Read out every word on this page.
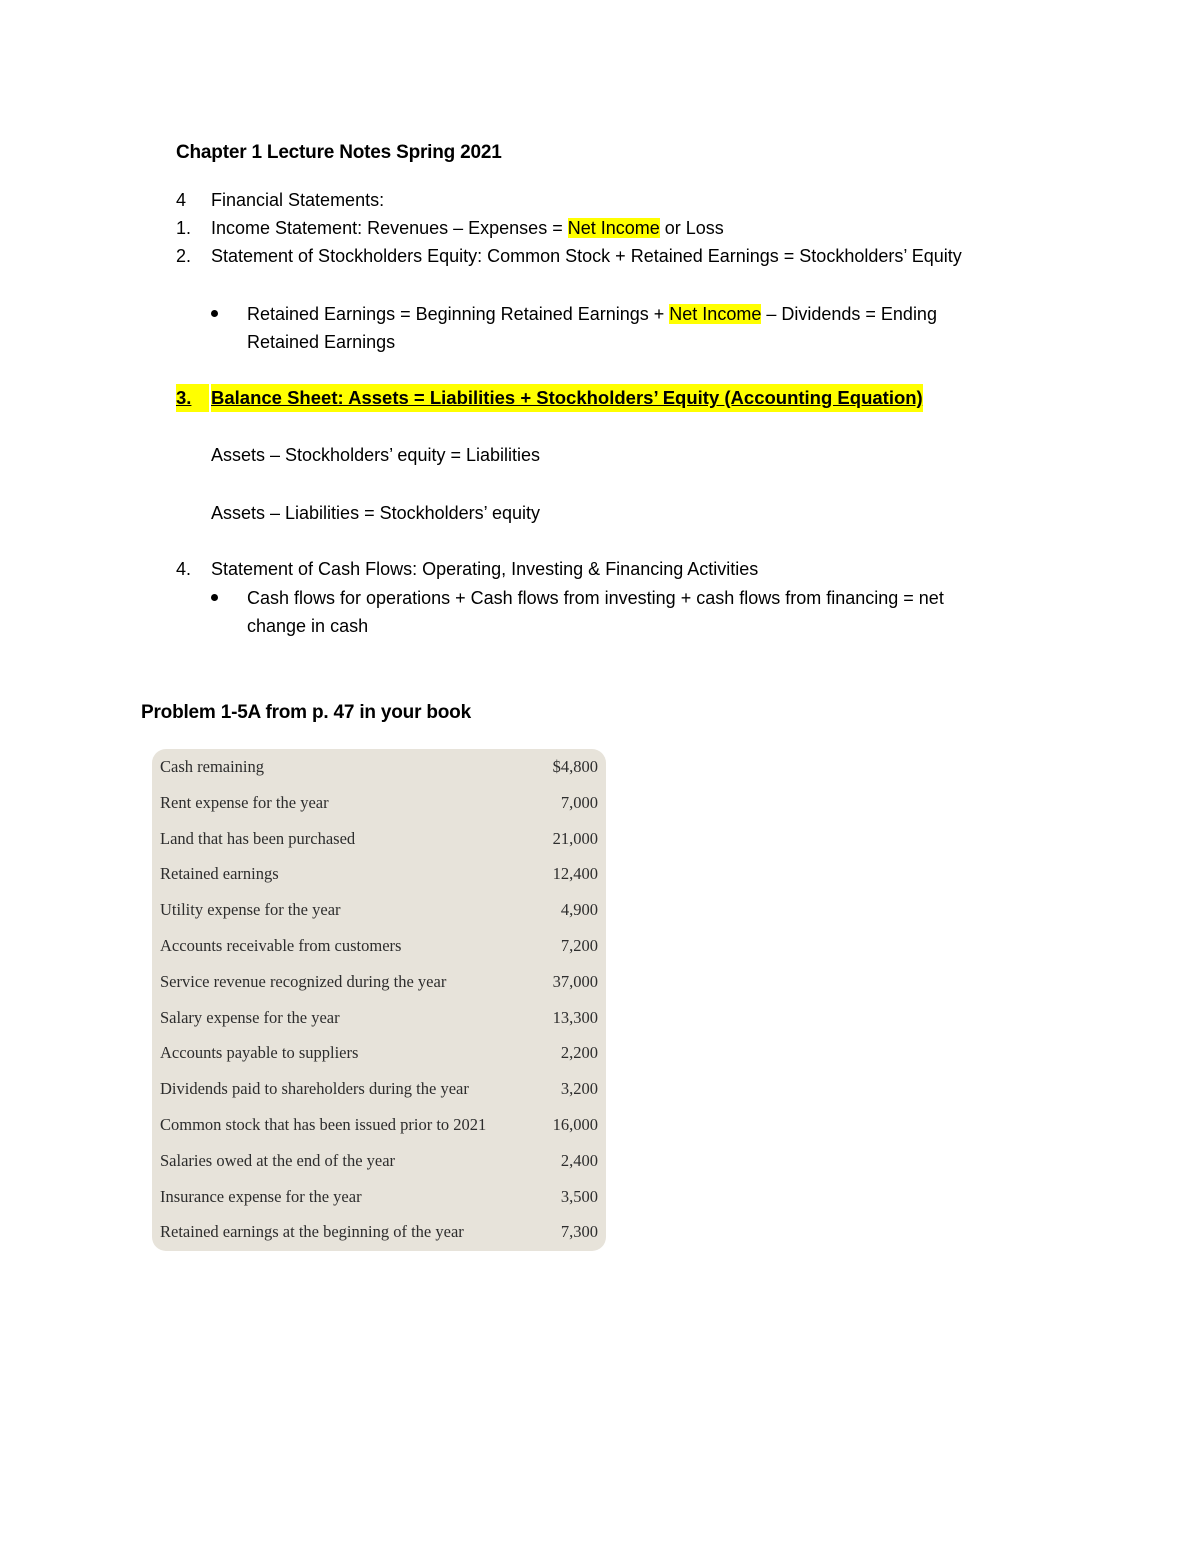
Chapter 1 Lecture Notes Spring 2021
4 Financial Statements:
1. Income Statement: Revenues – Expenses = Net Income or Loss
2. Statement of Stockholders Equity: Common Stock + Retained Earnings = Stockholders’ Equity
Retained Earnings = Beginning Retained Earnings + Net Income – Dividends = Ending
Retained Earnings
3.	Balance Sheet: Assets = Liabilities + Stockholders’ Equity (Accounting Equation)
Assets – Stockholders’ equity = Liabilities
Assets – Liabilities = Stockholders’ equity
4. Statement of Cash Flows: Operating, Investing & Financing Activities
Cash flows for operations + Cash flows from investing + cash flows from financing = net
change in cash
Problem 1-5A from p. 47 in your book
Cash remaining	$4,800
Rent expense for the year	7,000
Land that has been purchased	21,000
Retained earnings	12,400
Utility expense for the year	4,900
Accounts receivable from customers	7,200
Service revenue recognized during the year	37,000
Salary expense for the year	13,300
Accounts payable to suppliers	2,200
Dividends paid to shareholders during the year	3,200
Common stock that has been issued prior to 2021	16,000
Salaries owed at the end of the year	2,400
Insurance expense for the year	3,500
Retained earnings at the beginning of the year	7,300
